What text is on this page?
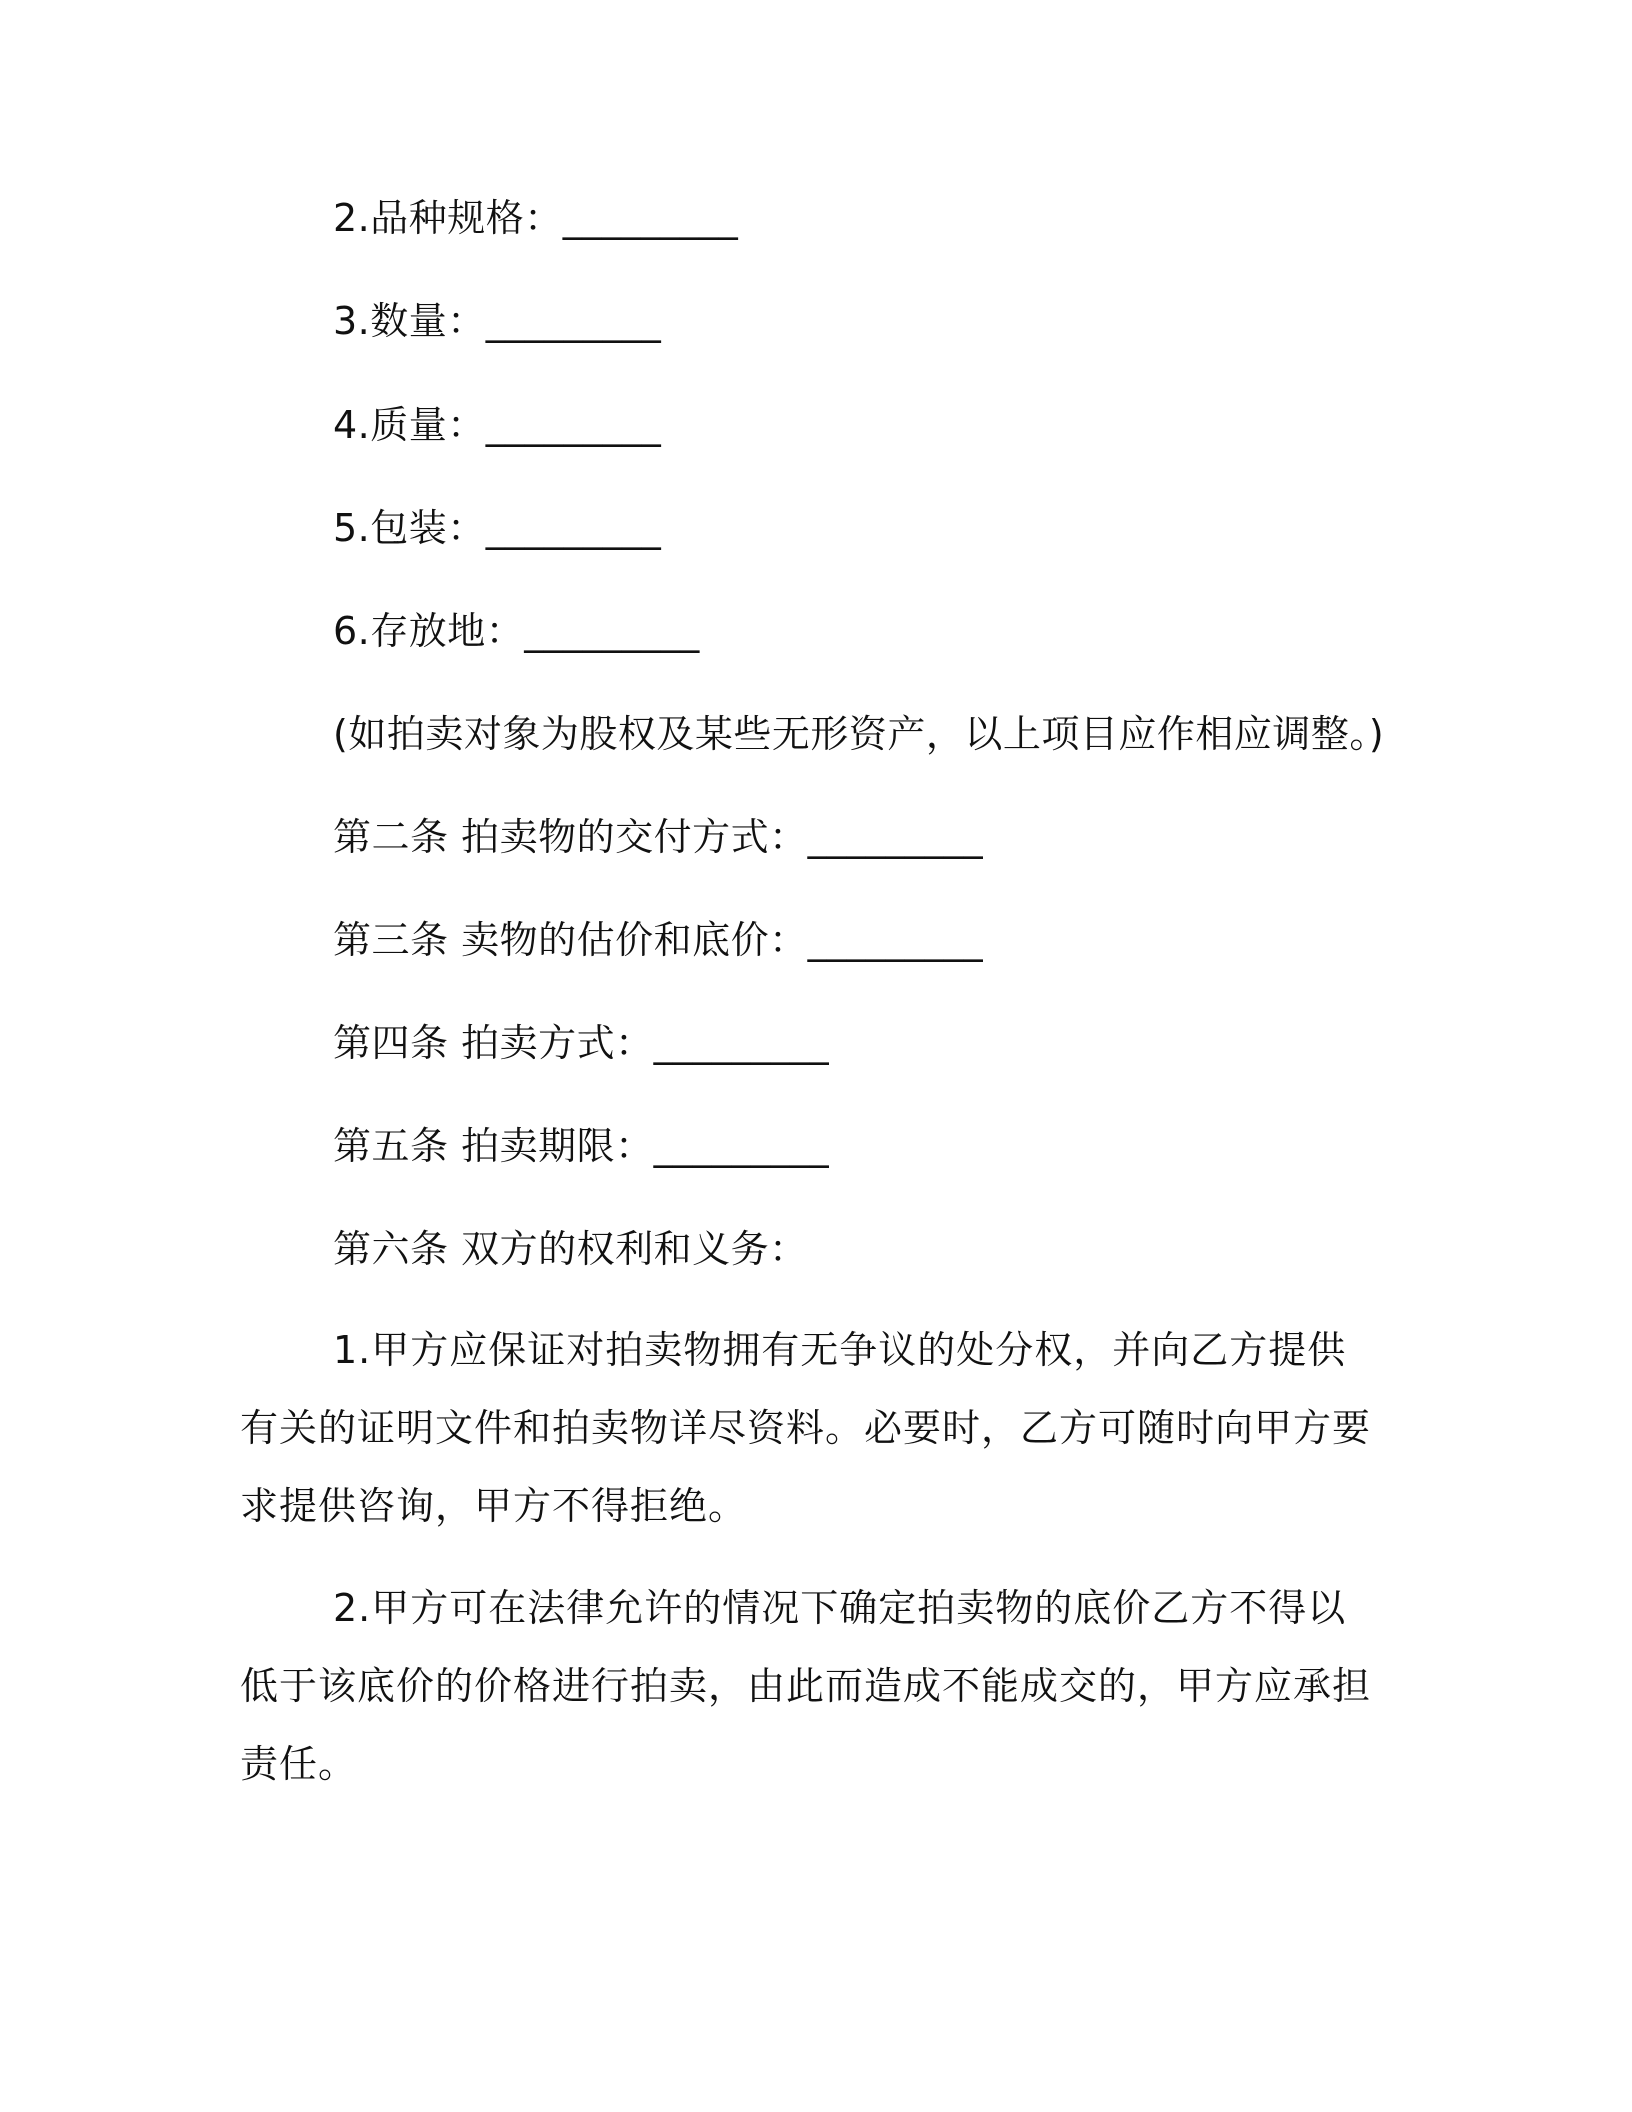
2.品种规格：_________
3.数量：_________
4.质量：_________
5.包装：_________
6.存放地：_________
(如拍卖对象为股权及某些无形资产，以上项目应作相应调整。)
第二条 拍卖物的交付方式：_________
第三条 卖物的估价和底价：_________
第四条 拍卖方式：_________
第五条 拍卖期限：_________
第六条 双方的权利和义务：
1.甲方应保证对拍卖物拥有无争议的处分权，并向乙方提供有关的证明文件和拍卖物详尽资料。必要时，乙方可随时向甲方要求提供咨询，甲方不得拒绝。
2.甲方可在法律允许的情况下确定拍卖物的底价乙方不得以低于该底价的价格进行拍卖，由此而造成不能成交的，甲方应承担责任。
